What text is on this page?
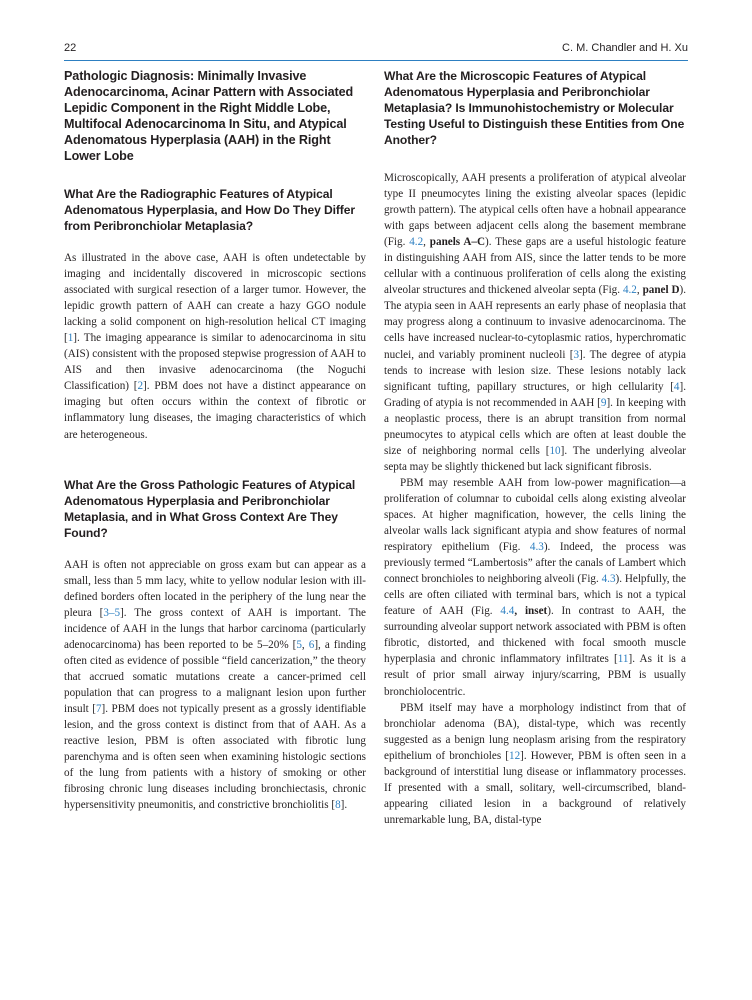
22	C. M. Chandler and H. Xu
Pathologic Diagnosis: Minimally Invasive Adenocarcinoma, Acinar Pattern with Associated Lepidic Component in the Right Middle Lobe, Multifocal Adenocarcinoma In Situ, and Atypical Adenomatous Hyperplasia (AAH) in the Right Lower Lobe
What Are the Radiographic Features of Atypical Adenomatous Hyperplasia, and How Do They Differ from Peribronchiolar Metaplasia?

As illustrated in the above case, AAH is often undetectable by imaging and incidentally discovered in microscopic sections associated with surgical resection of a larger tumor. However, the lepidic growth pattern of AAH can create a hazy GGO nodule lacking a solid component on high-resolution helical CT imaging [1]. The imaging appearance is similar to adenocarcinoma in situ (AIS) consistent with the proposed stepwise progression of AAH to AIS and then invasive adenocarcinoma (the Noguchi Classification) [2]. PBM does not have a distinct appearance on imaging but often occurs within the context of fibrotic or inflammatory lung diseases, the imaging characteristics of which are heterogeneous.

What Are the Gross Pathologic Features of Atypical Adenomatous Hyperplasia and Peribronchiolar Metaplasia, and in What Gross Context Are They Found?

AAH is often not appreciable on gross exam but can appear as a small, less than 5 mm lacy, white to yellow nodular lesion with ill-defined borders often located in the periphery of the lung near the pleura [3–5]. The gross context of AAH is important. The incidence of AAH in the lungs that harbor carcinoma (particularly adenocarcinoma) has been reported to be 5–20% [5, 6], a finding often cited as evidence of possible “field cancerization,” the theory that accrued somatic mutations create a cancer-primed cell population that can progress to a malignant lesion upon further insult [7]. PBM does not typically present as a grossly identifiable lesion, and the gross context is distinct from that of AAH. As a reactive lesion, PBM is often associated with fibrotic lung parenchyma and is often seen when examining histologic sections of the lung from patients with a history of smoking or other fibrosing chronic lung diseases including bronchiectasis, chronic hypersensitivity pneumonitis, and constrictive bronchiolitis [8].

What Are the Microscopic Features of Atypical Adenomatous Hyperplasia and Peribronchiolar Metaplasia? Is Immunohistochemistry or Molecular Testing Useful to Distinguish these Entities from One Another?

Microscopically, AAH presents a proliferation of atypical alveolar type II pneumocytes lining the existing alveolar spaces (lepidic growth pattern). The atypical cells often have a hobnail appearance with gaps between adjacent cells along the basement membrane (Fig. 4.2, panels A–C). These gaps are a useful histologic feature in distinguishing AAH from AIS, since the latter tends to be more cellular with a continuous proliferation of cells along the existing alveolar structures and thickened alveolar septa (Fig. 4.2, panel D). The atypia seen in AAH represents an early phase of neoplasia that may progress along a continuum to invasive adenocarcinoma. The cells have increased nuclear-to-cytoplasmic ratios, hyperchromatic nuclei, and variably prominent nucleoli [3]. The degree of atypia tends to increase with lesion size. These lesions notably lack significant tufting, papillary structures, or high cellularity [4]. Grading of atypia is not recommended in AAH [9]. In keeping with a neoplastic process, there is an abrupt transition from normal pneumocytes to atypical cells which are often at least double the size of neighboring normal cells [10]. The underlying alveolar septa may be slightly thickened but lack significant fibrosis.

PBM may resemble AAH from low-power magnification—a proliferation of columnar to cuboidal cells along existing alveolar spaces. At higher magnification, however, the cells lining the alveolar walls lack significant atypia and show features of normal respiratory epithelium (Fig. 4.3). Indeed, the process was previously termed “Lambertosis” after the canals of Lambert which connect bronchioles to neighboring alveoli (Fig. 4.3). Helpfully, the cells are often ciliated with terminal bars, which is not a typical feature of AAH (Fig. 4.4, inset). In contrast to AAH, the surrounding alveolar support network associated with PBM is often fibrotic, distorted, and thickened with focal smooth muscle hyperplasia and chronic inflammatory infiltrates [11]. As it is a result of prior small airway injury/scarring, PBM is usually bronchiolocentric.

PBM itself may have a morphology indistinct from that of bronchiolar adenoma (BA), distal-type, which was recently suggested as a benign lung neoplasm arising from the respiratory epithelium of bronchioles [12]. However, PBM is often seen in a background of interstitial lung disease or inflammatory processes. If presented with a small, solitary, well-circumscribed, bland-appearing ciliated lesion in a background of relatively unremarkable lung, BA, distal-type
